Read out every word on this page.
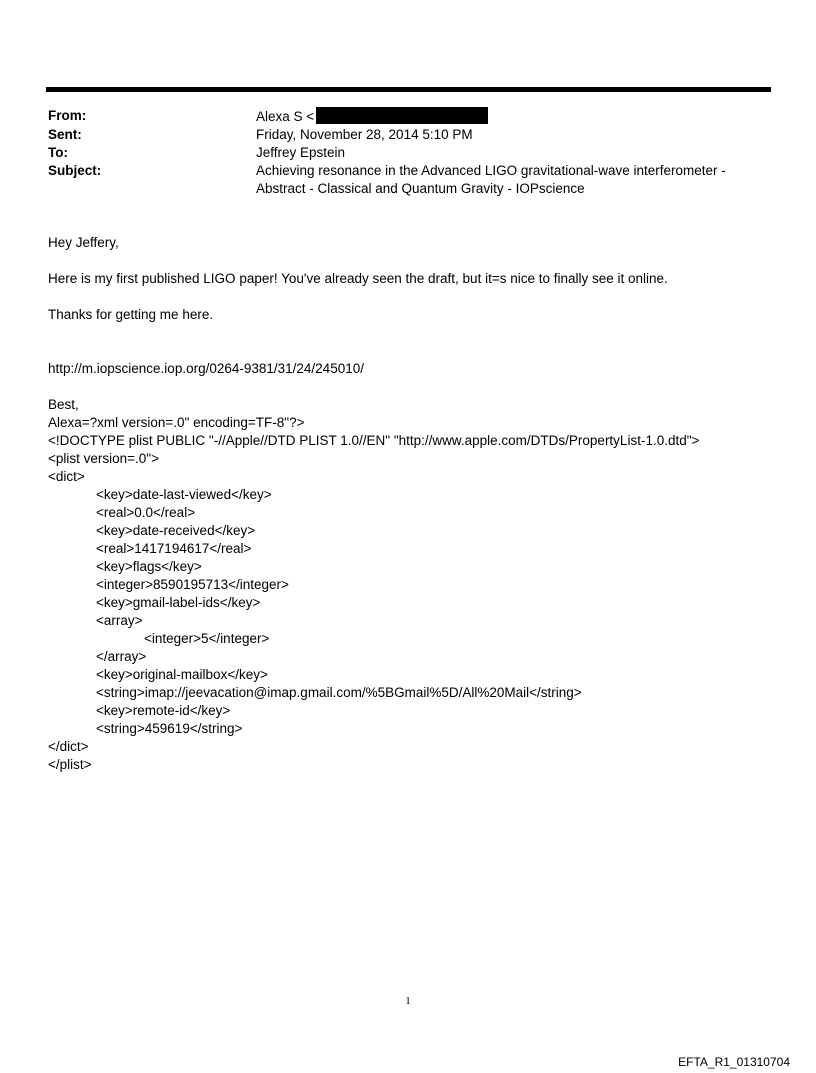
From:	Alexa S <
Sent:	Friday, November 28, 2014 5:10 PM
To:	Jeffrey Epstein
Subject:	Achieving resonance in the Advanced LIGO gravitational-wave interferometer -
Abstract - Classical and Quantum Gravity - IOPscience

Hey Jeffery,

Here is my first published LIGO paper! You've already seen the draft, but it=s nice to finally see it online.

Thanks for getting me here.

http://m.iopscience.iop.org/0264-9381/31/24/245010/

Best,

Alexa=?xml version=.0" encoding=TF-8"?>
<!DOCTYPE plist PUBLIC "-//Apple//DTD PLIST 1.0//EN" "http://www.apple.com/DTDs/PropertyList-1.0.dtd">
<plist version=.0">
<dict>
<key>date-last-viewed</key>
<real>0.0</real>
<key>date-received</key>
<real>1417194617</real>
<key>flags</key>
<integer>8590195713</integer>
<key>gmail-label-ids</key>
<array>
<integer>5</integer>
</array>
<key>original-mailbox</key>
<string>imap://jeevacation@imap.gmail.com/%5BGmail%5D/All%20Mail</string>
<key>remote-id</key>
<string>459619</string>
</dict>
</plist>
1
EFTA_R1_01310704
